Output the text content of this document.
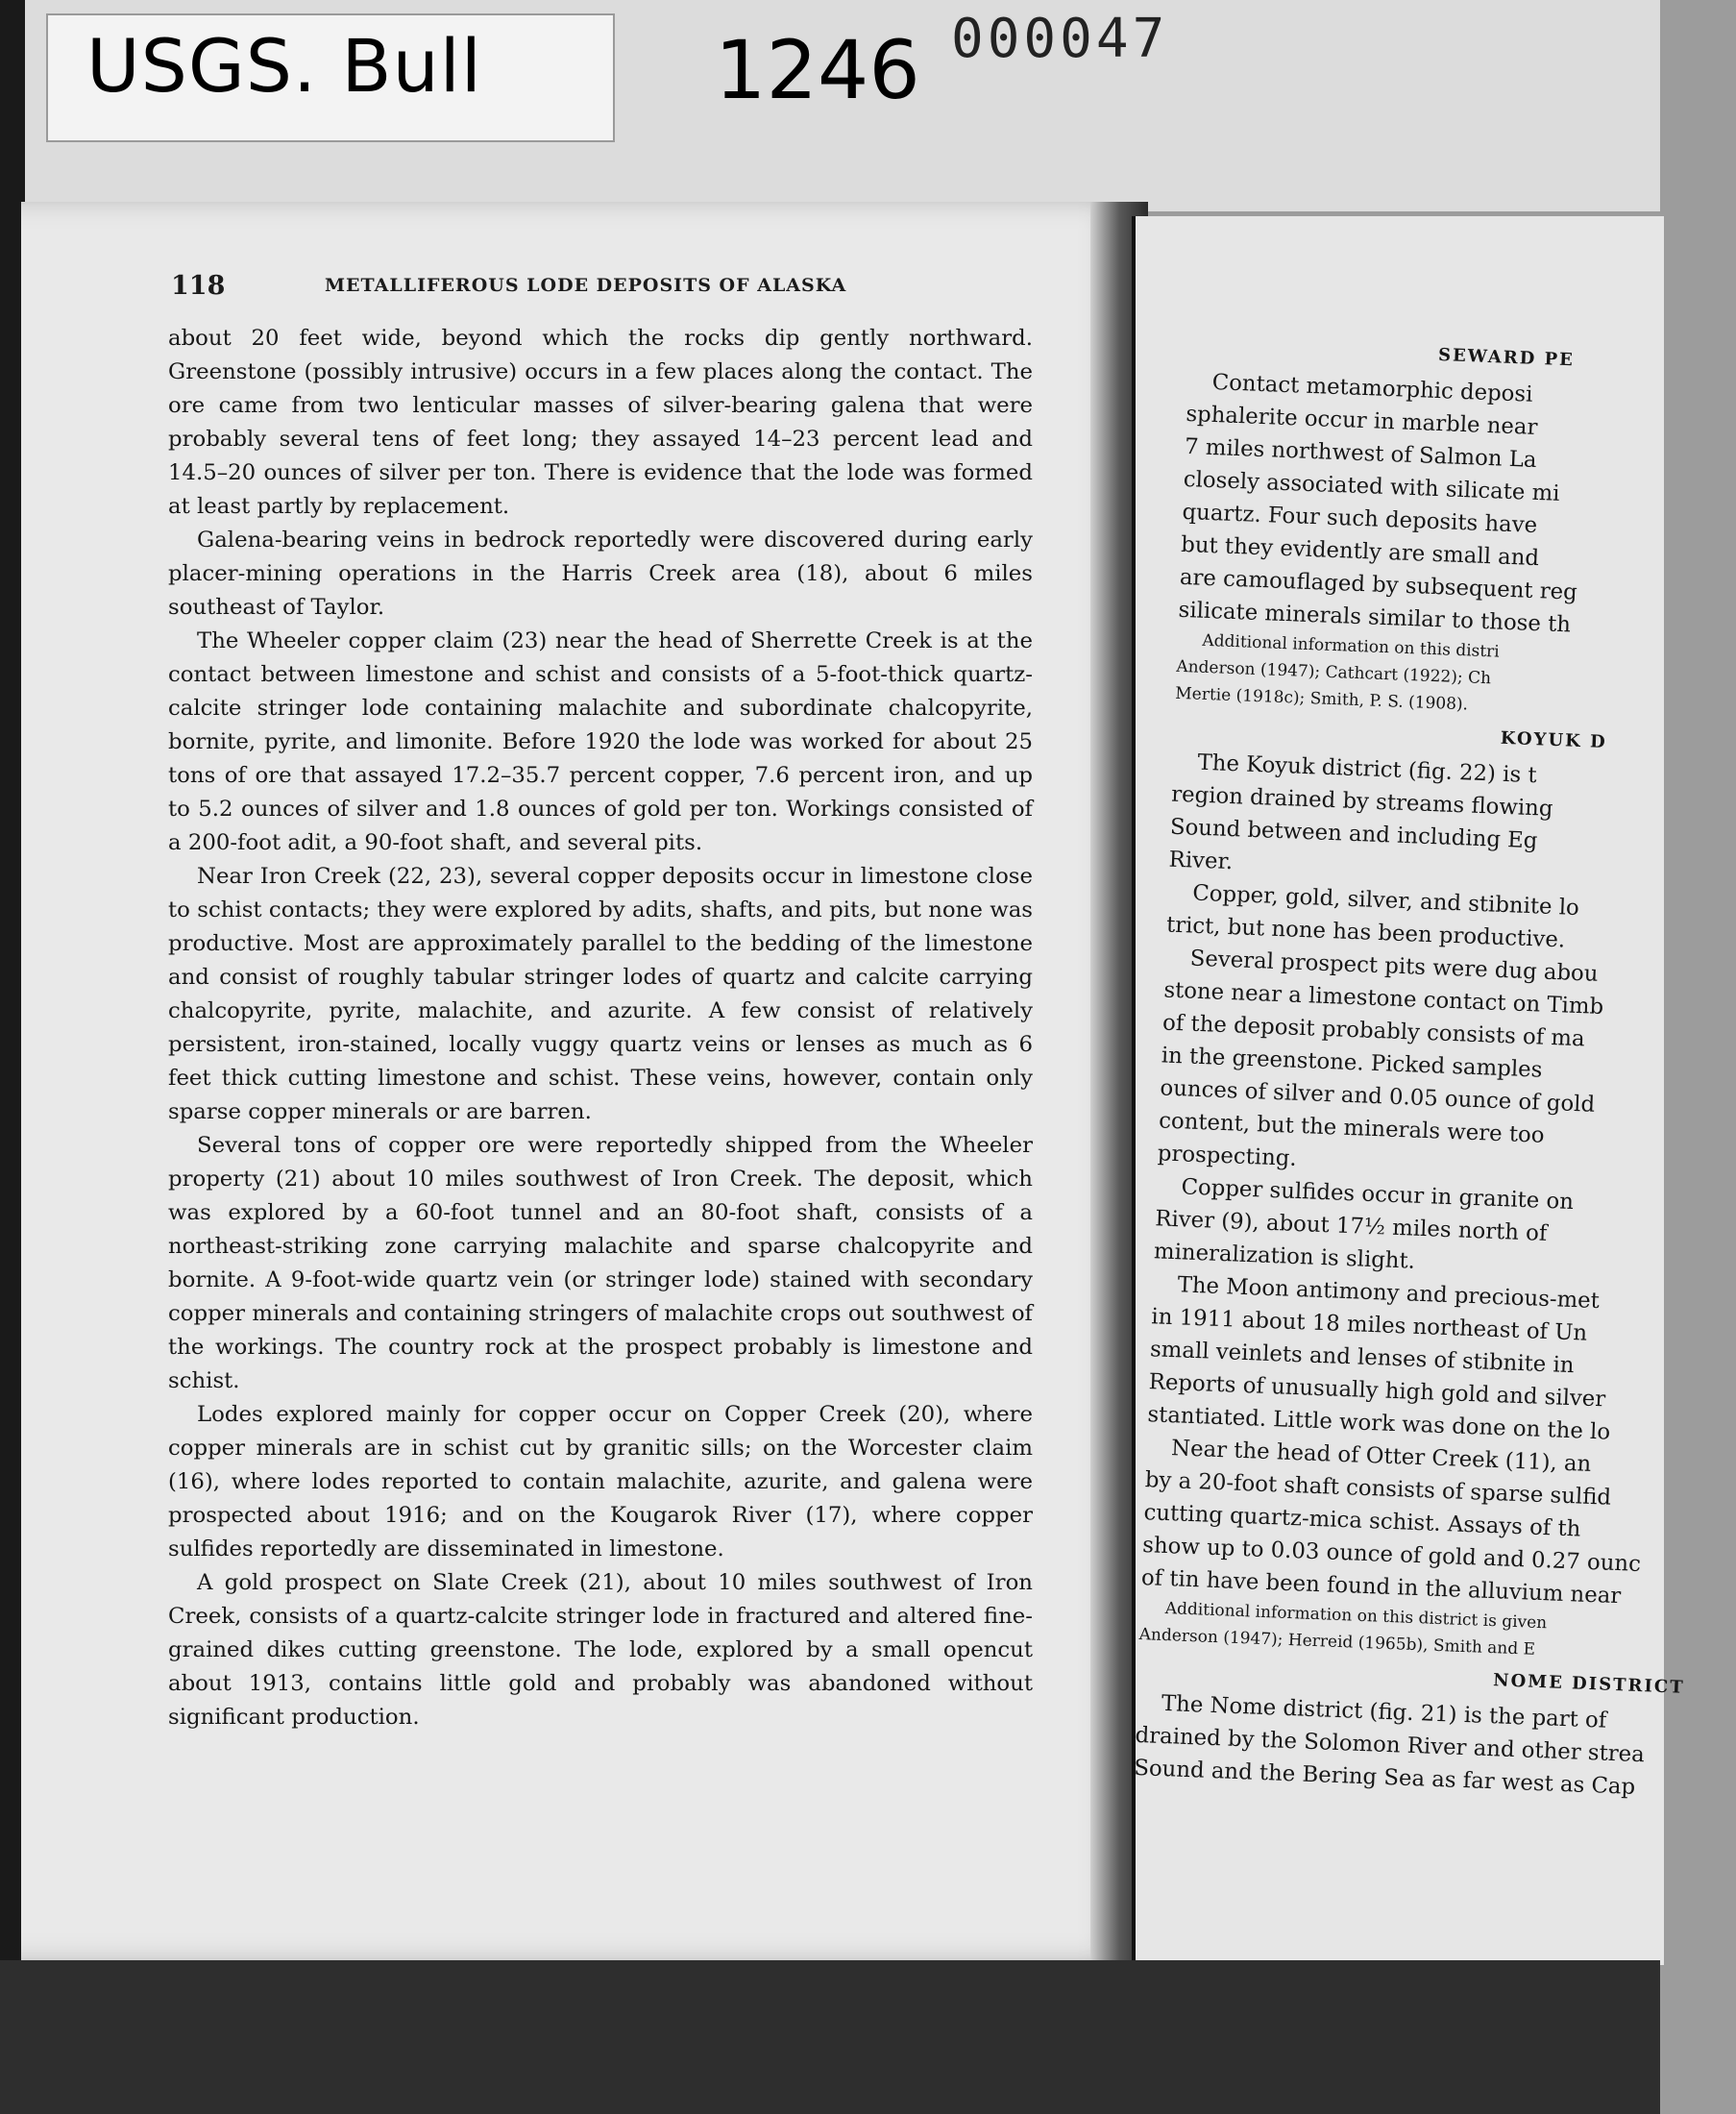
USGS. Bull	1246 000047
118	METALLIFEROUS LODE DEPOSITS OF ALASKA

about 20 feet wide, beyond which the rocks dip gently northward. Greenstone (possibly intrusive) occurs in a few places along the contact. The ore came from two lenticular masses of silver-bearing galena that were probably several tens of feet long; they assayed 14–23 percent lead and 14.5–20 ounces of silver per ton. There is evidence that the lode was formed at least partly by replacement.

Galena-bearing veins in bedrock reportedly were discovered during early placer-mining operations in the Harris Creek area (18), about 6 miles southeast of Taylor.

The Wheeler copper claim (23) near the head of Sherrette Creek is at the contact between limestone and schist and consists of a 5-foot-thick quartz-calcite stringer lode containing malachite and subordinate chalcopyrite, bornite, pyrite, and limonite. Before 1920 the lode was worked for about 25 tons of ore that assayed 17.2–35.7 percent copper, 7.6 percent iron, and up to 5.2 ounces of silver and 1.8 ounces of gold per ton. Workings consisted of a 200-foot adit, a 90-foot shaft, and several pits.

Near Iron Creek (22, 23), several copper deposits occur in limestone close to schist contacts; they were explored by adits, shafts, and pits, but none was productive. Most are approximately parallel to the bedding of the limestone and consist of roughly tabular stringer lodes of quartz and calcite carrying chalcopyrite, pyrite, malachite, and azurite. A few consist of relatively persistent, iron-stained, locally vuggy quartz veins or lenses as much as 6 feet thick cutting limestone and schist. These veins, however, contain only sparse copper minerals or are barren.

Several tons of copper ore were reportedly shipped from the Wheeler property (21) about 10 miles southwest of Iron Creek. The deposit, which was explored by a 60-foot tunnel and an 80-foot shaft, consists of a northeast-striking zone carrying malachite and sparse chalcopyrite and bornite. A 9-foot-wide quartz vein (or stringer lode) stained with secondary copper minerals and containing stringers of malachite crops out southwest of the workings. The country rock at the prospect probably is limestone and schist.

Lodes explored mainly for copper occur on Copper Creek (20), where copper minerals are in schist cut by granitic sills; on the Worcester claim (16), where lodes reported to contain malachite, azurite, and galena were prospected about 1916; and on the Kougarok River (17), where copper sulfides reportedly are disseminated in limestone.

A gold prospect on Slate Creek (21), about 10 miles southwest of Iron Creek, consists of a quartz-calcite stringer lode in fractured and altered fine-grained dikes cutting greenstone. The lode, explored by a small opencut about 1913, contains little gold and probably was abandoned without significant production.

SEWARD PE
Contact metamorphic deposi
sphalerite occur in marble near
7 miles northwest of Salmon La
closely associated with silicate mi
quartz. Four such deposits have
but they evidently are small and
are camouflaged by subsequent reg
silicate minerals similar to those th
Additional information on this distri
Anderson (1947); Cathcart (1922); Ch
Mertie (1918c); Smith, P. S. (1908).
KOYUK D
The Koyuk district (fig. 22) is t
region drained by streams flowing
Sound between and including Eg
River.
Copper, gold, silver, and stibnite lo
trict, but none has been productive.
Several prospect pits were dug abou
stone near a limestone contact on Timb
of the deposit probably consists of ma
in the greenstone. Picked samples
ounces of silver and 0.05 ounce of gold
content, but the minerals were too
prospecting.
Copper sulfides occur in granite on
River (9), about 17½ miles north of
mineralization is slight.
The Moon antimony and precious-met
in 1911 about 18 miles northeast of Un
small veinlets and lenses of stibnite in
Reports of unusually high gold and silver
stantiated. Little work was done on the lo
Near the head of Otter Creek (11), an
by a 20-foot shaft consists of sparse sulfid
cutting quartz-mica schist. Assays of th
show up to 0.03 ounce of gold and 0.27 ounc
of tin have been found in the alluvium near
Additional information on this district is given
Anderson (1947); Herreid (1965b), Smith and E
NOME DISTRICT
The Nome district (fig. 21) is the part of
drained by the Solomon River and other strea
Sound and the Bering Sea as far west as Cap
